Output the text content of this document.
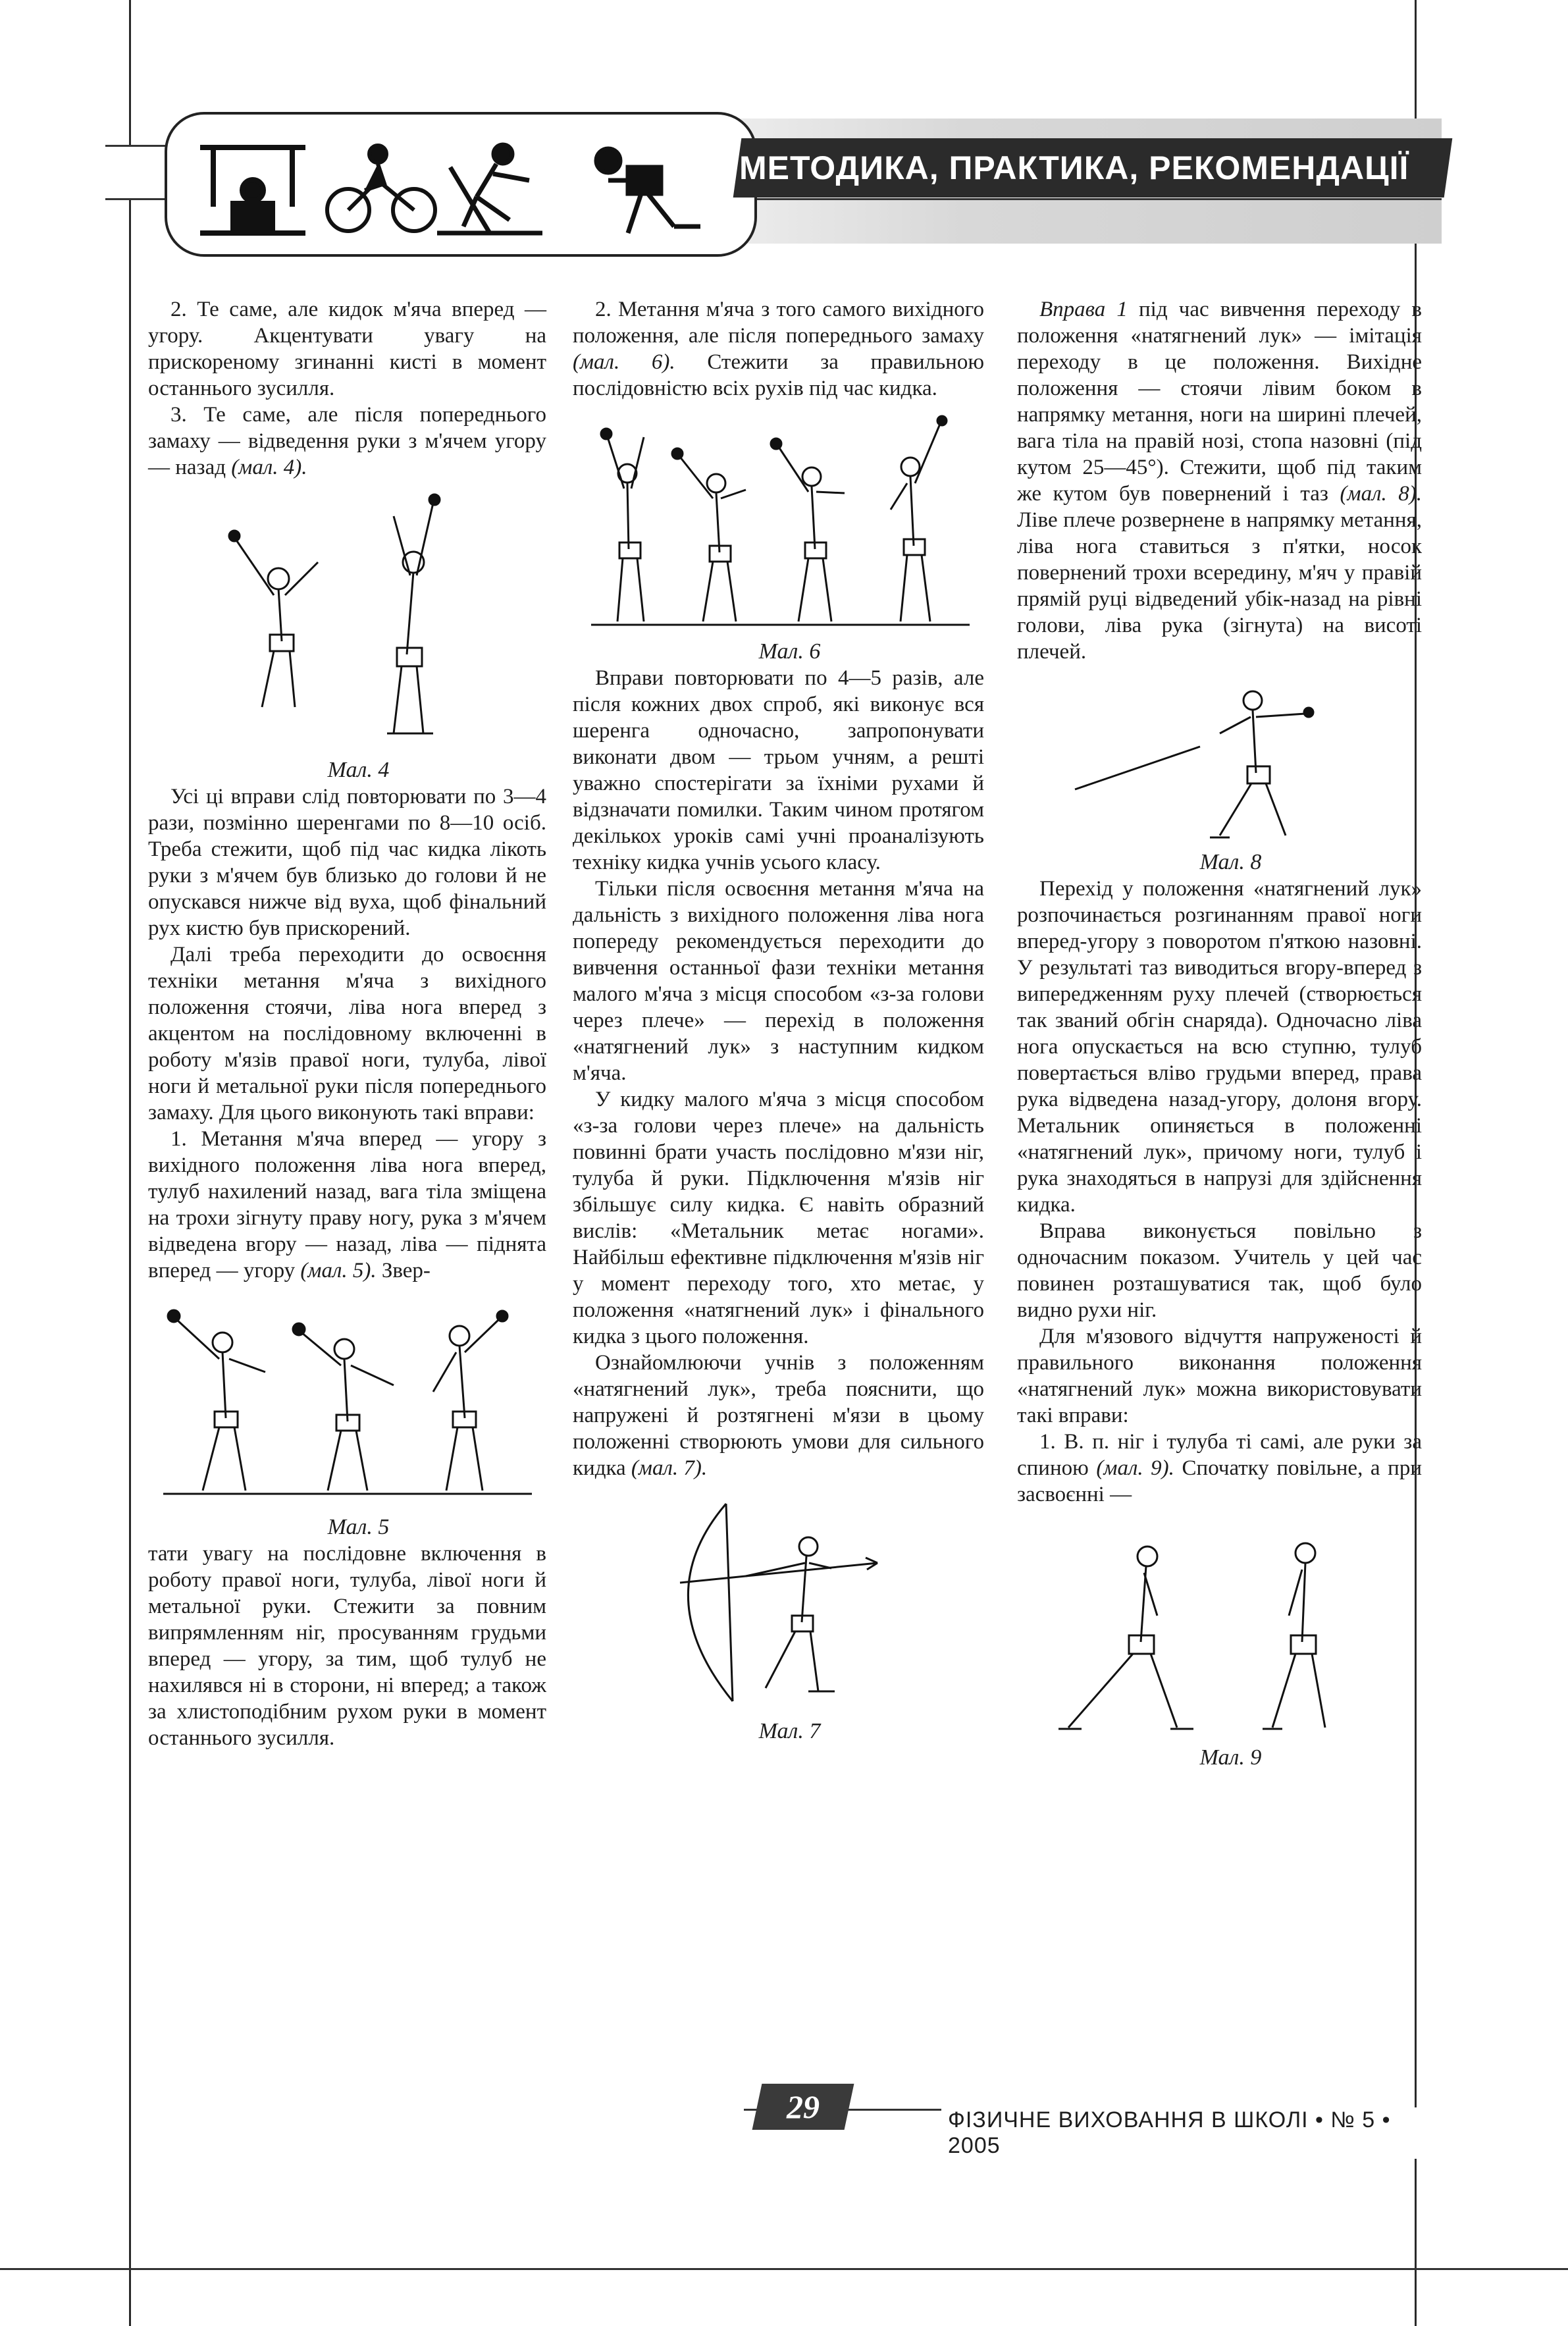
МЕТОДИКА, ПРАКТИКА, РЕКОМЕНДАЦІЇ

2. Те саме, але кидок м'яча вперед — угору. Акцентувати увагу на прискореному згинанні кисті в момент останнього зусилля.

3. Те саме, але після попереднього замаху — відведення руки з м'ячем угору — назад (мал. 4).

Мал. 4

Усі ці вправи слід повторювати по 3—4 рази, позмінно шеренгами по 8—10 осіб. Треба стежити, щоб під час кидка лікоть руки з м'ячем був близько до голови й не опускався нижче від вуха, щоб фінальний рух кистю був прискорений.

Далі треба переходити до освоєння техніки метання м'яча з вихідного положення стоячи, ліва нога вперед з акцентом на послідовному включенні в роботу м'язів правої ноги, тулуба, лівої ноги й метальної руки після попереднього замаху. Для цього виконують такі вправи:

1. Метання м'яча вперед — угору з вихідного положення ліва нога вперед, тулуб нахилений назад, вага тіла зміщена на трохи зігнуту праву ногу, рука з м'ячем відведена вгору — назад, ліва — піднята вперед — угору (мал. 5). Звер-

Мал. 5

тати увагу на послідовне включення в роботу правої ноги, тулуба, лівої ноги й метальної руки. Стежити за повним випрямленням ніг, просуванням грудьми вперед — угору, за тим, щоб тулуб не нахилявся ні в сторони, ні вперед; а також за хлистоподібним рухом руки в момент останнього зусилля.

2. Метання м'яча з того самого вихідного положення, але після попереднього замаху (мал. 6). Стежити за правильною послідовністю всіх рухів під час кидка.

Мал. 6

Вправи повторювати по 4—5 разів, але після кожних двох спроб, які виконує вся шеренга одночасно, запропонувати виконати двом — трьом учням, а решті уважно спостерігати за їхніми рухами й відзначати помилки. Таким чином протягом декількох уроків самі учні проаналізують техніку кидка учнів усього класу.

Тільки після освоєння метання м'яча на дальність з вихідного положення ліва нога попереду рекомендується переходити до вивчення останньої фази техніки метання малого м'яча з місця способом «з-за голови через плече» — перехід в положення «натягнений лук» з наступним кидком м'яча.

У кидку малого м'яча з місця способом «з-за голови через плече» на дальність повинні брати участь послідовно м'язи ніг, тулуба й руки. Підключення м'язів ніг збільшує силу кидка. Є навіть образний вислів: «Метальник метає ногами». Найбільш ефективне підключення м'язів ніг у момент переходу того, хто метає, у положення «натягнений лук» і фінального кидка з цього положення.

Ознайомлюючи учнів з положенням «натягнений лук», треба пояснити, що напружені й розтягнені м'язи в цьому положенні створюють умови для сильного кидка (мал. 7).

Мал. 7

Вправа 1 під час вивчення переходу в положення «натягнений лук» — імітація переходу в це положення. Вихідне положення — стоячи лівим боком в напрямку метання, ноги на ширині плечей, вага тіла на правій нозі, стопа назовні (під кутом 25—45°). Стежити, щоб під таким же кутом був повернений і таз (мал. 8). Ліве плече розвернене в напрямку метання, ліва нога ставиться з п'ятки, носок повернений трохи всередину, м'яч у правій прямій руці відведений убік-назад на рівні голови, ліва рука (зігнута) на висоті плечей.

Мал. 8

Перехід у положення «натягнений лук» розпочинається розгинанням правої ноги вперед-угору з поворотом п'яткою назовні. У результаті таз виводиться вгору-вперед з випередженням руху плечей (створюється так званий обгін снаряда). Одночасно ліва нога опускається на всю ступню, тулуб повертається вліво грудьми вперед, права рука відведена назад-угору, долоня вгору. Метальник опиняється в положенні «натягнений лук», причому ноги, тулуб і рука знаходяться в напрузі для здійснення кидка.

Вправа виконується повільно з одночасним показом. Учитель у цей час повинен розташуватися так, щоб було видно рухи ніг.

Для м'язового відчуття напруженості й правильного виконання положення «натягнений лук» можна використовувати такі вправи:

1. В. п. ніг і тулуба ті самі, але руки за спиною (мал. 9). Спочатку повільне, а при засвоєнні —

Мал. 9

29	ФІЗИЧНЕ ВИХОВАННЯ В ШКОЛІ • № 5 • 2005
